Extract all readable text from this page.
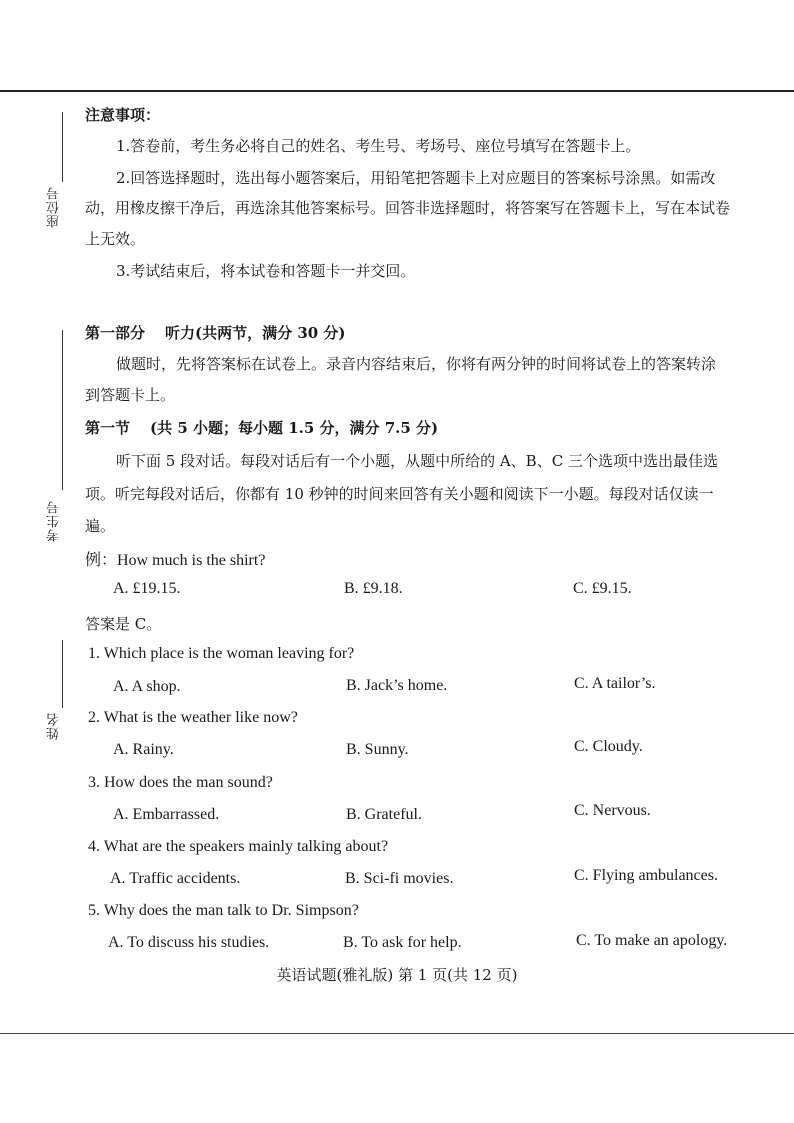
座位号
考生号
姓名
注意事项：
1.答卷前，考生务必将自己的姓名、考生号、考场号、座位号填写在答题卡上。
2.回答选择题时，选出每小题答案后，用铅笔把答题卡上对应题目的答案标号涂黑。如需改
动，用橡皮擦干净后，再选涂其他答案标号。回答非选择题时，将答案写在答题卡上，写在本试卷
上无效。
3.考试结束后，将本试卷和答题卡一并交回。
第一部分 听力(共两节，满分 30 分)
做题时，先将答案标在试卷上。录音内容结束后，你将有两分钟的时间将试卷上的答案转涂
到答题卡上。
第一节 (共 5 小题；每小题 1.5 分，满分 7.5 分)
听下面 5 段对话。每段对话后有一个小题，从题中所给的 A、B、C 三个选项中选出最佳选
项。听完每段对话后，你都有 10 秒钟的时间来回答有关小题和阅读下一小题。每段对话仅读一
遍。
例：How much is the shirt?
A. £19.15.	B. £9.18.	C. £9.15.
答案是 C。
1. Which place is the woman leaving for?
A. A shop.	B. Jack’s home.	C. A tailor’s.
2. What is the weather like now?
A. Rainy.	B. Sunny.	C. Cloudy.
3. How does the man sound?
A. Embarrassed.	B. Grateful.	C. Nervous.
4. What are the speakers mainly talking about?
A. Traffic accidents.	B. Sci-fi movies.	C. Flying ambulances.
5. Why does the man talk to Dr. Simpson?
A. To discuss his studies.	B. To ask for help.	C. To make an apology.
英语试题(雅礼版) 第 1 页(共 12 页)
